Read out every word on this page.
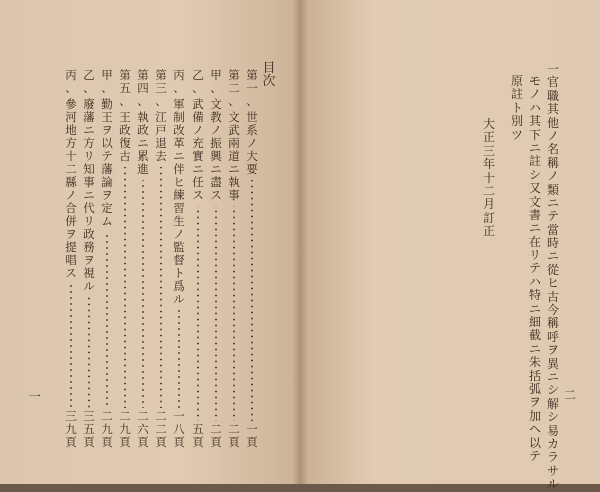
目次
第
一
、
世
系
ノ
大
要
一
頁
第
二
、
文
武
兩
道
ニ
執
事
二
頁
甲
、
文
教
ノ
振
興
ニ
盡
ス
二
頁
乙
、
武
備
ノ
充
實
ニ
任
ス
五
頁
丙
、
軍
制
改
革
ニ
伴
ヒ
練
習
生
ノ
監
督
ト
爲
ル
一
八
頁
第
三
、
江
戸
退
去
二
二
頁
第
四
、
執
政
ニ
累
進
二
六
頁
第
五
、
王
政
復
古
二
九
頁
甲
、
勤
王
ヲ
以
テ
藩
論
ヲ
定
ム
二
九
頁
乙
、
廢
藩
ニ
方
リ
知
事
ニ
代
リ
政
務
ヲ
視
ル
三
五
頁
丙
、
參
河
地
方
十
二
縣
ノ
合
併
ヲ
提
唱
ス
三
九
頁
一
一
官
職
其
他
ノ
名
稱
ノ
類
ニ
テ
當
時
ニ
從
ヒ
古
今
稱
呼
ヲ
異
ニ
シ
解
シ
易
カ
ラ
サ
ル
モ
ノ
ハ
其
下
ニ
註
シ
又
文
書
ニ
在
リ
テ
ハ
特
ニ
細
截
ニ
朱
括
弧
ヲ
加
ヘ
以
テ
原
註
ト
別
ツ
大
正
三
年
十
二
月
訂
正
二
